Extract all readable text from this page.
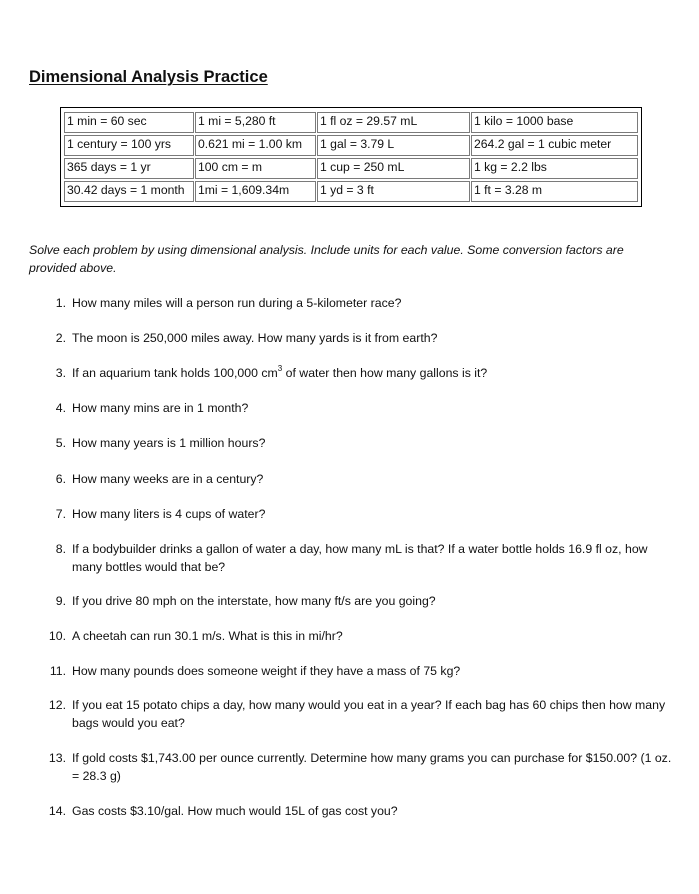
Dimensional Analysis Practice
1 min = 60 sec	1 mi = 5,280 ft	1 fl oz = 29.57 mL	1 kilo = 1000 base
1 century = 100 yrs	0.621 mi = 1.00 km	1 gal = 3.79 L	264.2 gal = 1 cubic meter
365 days = 1 yr	100 cm = m	1 cup = 250 mL	1 kg = 2.2 lbs
30.42 days = 1 month	1mi = 1,609.34m	1 yd = 3 ft	1 ft = 3.28 m
Solve each problem by using dimensional analysis. Include units for each value. Some conversion factors are provided above.
1. How many miles will a person run during a 5-kilometer race?
2. The moon is 250,000 miles away. How many yards is it from earth?
3. If an aquarium tank holds 100,000 $cm^3$ of water then how many gallons is it?
4. How many mins are in 1 month?
5. How many years is 1 million hours?
6. How many weeks are in a century?
7. How many liters is 4 cups of water?
8. If a bodybuilder drinks a gallon of water a day, how many mL is that? If a water bottle holds 16.9 fl oz, how many bottles would that be?
9. If you drive 80 mph on the interstate, how many ft/s are you going?
10. A cheetah can run 30.1 m/s. What is this in mi/hr?
11. How many pounds does someone weight if they have a mass of 75 kg?
12. If you eat 15 potato chips a day, how many would you eat in a year? If each bag has 60 chips then how many bags would you eat?
13. If gold costs $1,743.00 per ounce currently. Determine how many grams you can purchase for $150.00? (1 oz. = 28.3 g)
14. Gas costs $3.10/gal. How much would 15L of gas cost you?
